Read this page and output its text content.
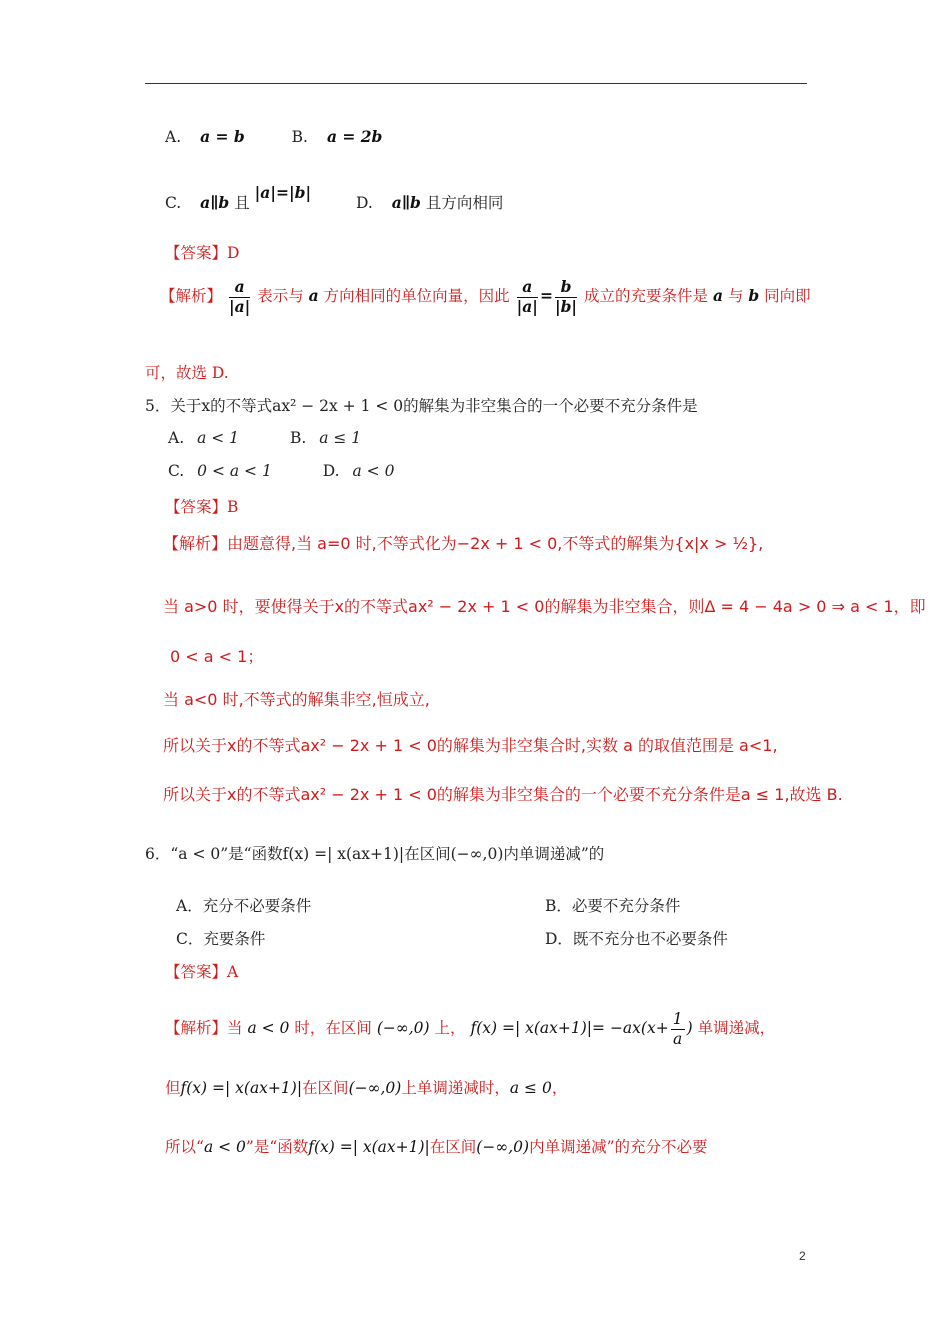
A. a = b	B. a = 2b
C. a∥b 且 |a|=|b| D. a∥b 且方向相同
【答案】D
【解析】 $\frac{a}{|a|}$ 表示与 a 方向相同的单位向量，因此 $\frac{a}{|a|} = \frac{b}{|b|}$ 成立的充要条件是 a 与 b 同向即
可，故选 D.
5．关于x的不等式ax² − 2x + 1 < 0的解集为非空集合的一个必要不充分条件是
A. a < 1	B. a ≤ 1
C. 0 < a < 1	D. a < 0
【答案】B
【解析】由题意得,当 a=0 时,不等式化为−2x + 1 < 0,不等式的解集为{x|x > ½},
当 a>0 时，要使得关于x的不等式ax² − 2x + 1 < 0的解集为非空集合，则Δ = 4 − 4a > 0 ⇒ a < 1，即
0 < a < 1；
当 a<0 时,不等式的解集非空,恒成立,
所以关于x的不等式ax² − 2x + 1 < 0的解集为非空集合时,实数 a 的取值范围是 a<1,
所以关于x的不等式ax² − 2x + 1 < 0的解集为非空集合的一个必要不充分条件是a ≤ 1,故选 B.
6．“a < 0”是“函数f(x) =| x(ax+1)|在区间(−∞,0)内单调递减”的
A．充分不必要条件	B．必要不充分条件
C．充要条件	D．既不充分也不必要条件
【答案】A
【解析】当 a < 0 时，在区间 (−∞,0) 上， f(x) =| $x(ax+1)|= -ax(x+ \frac{1}{a}$ ) 单调递减，
但f(x) =| x(ax+1)|在区间(−∞,0)上单调递减时，a ≤ 0，
所以“a < 0”是“函数f(x) =| x(ax+1)|在区间(−∞,0)内单调递减”的充分不必要
2
